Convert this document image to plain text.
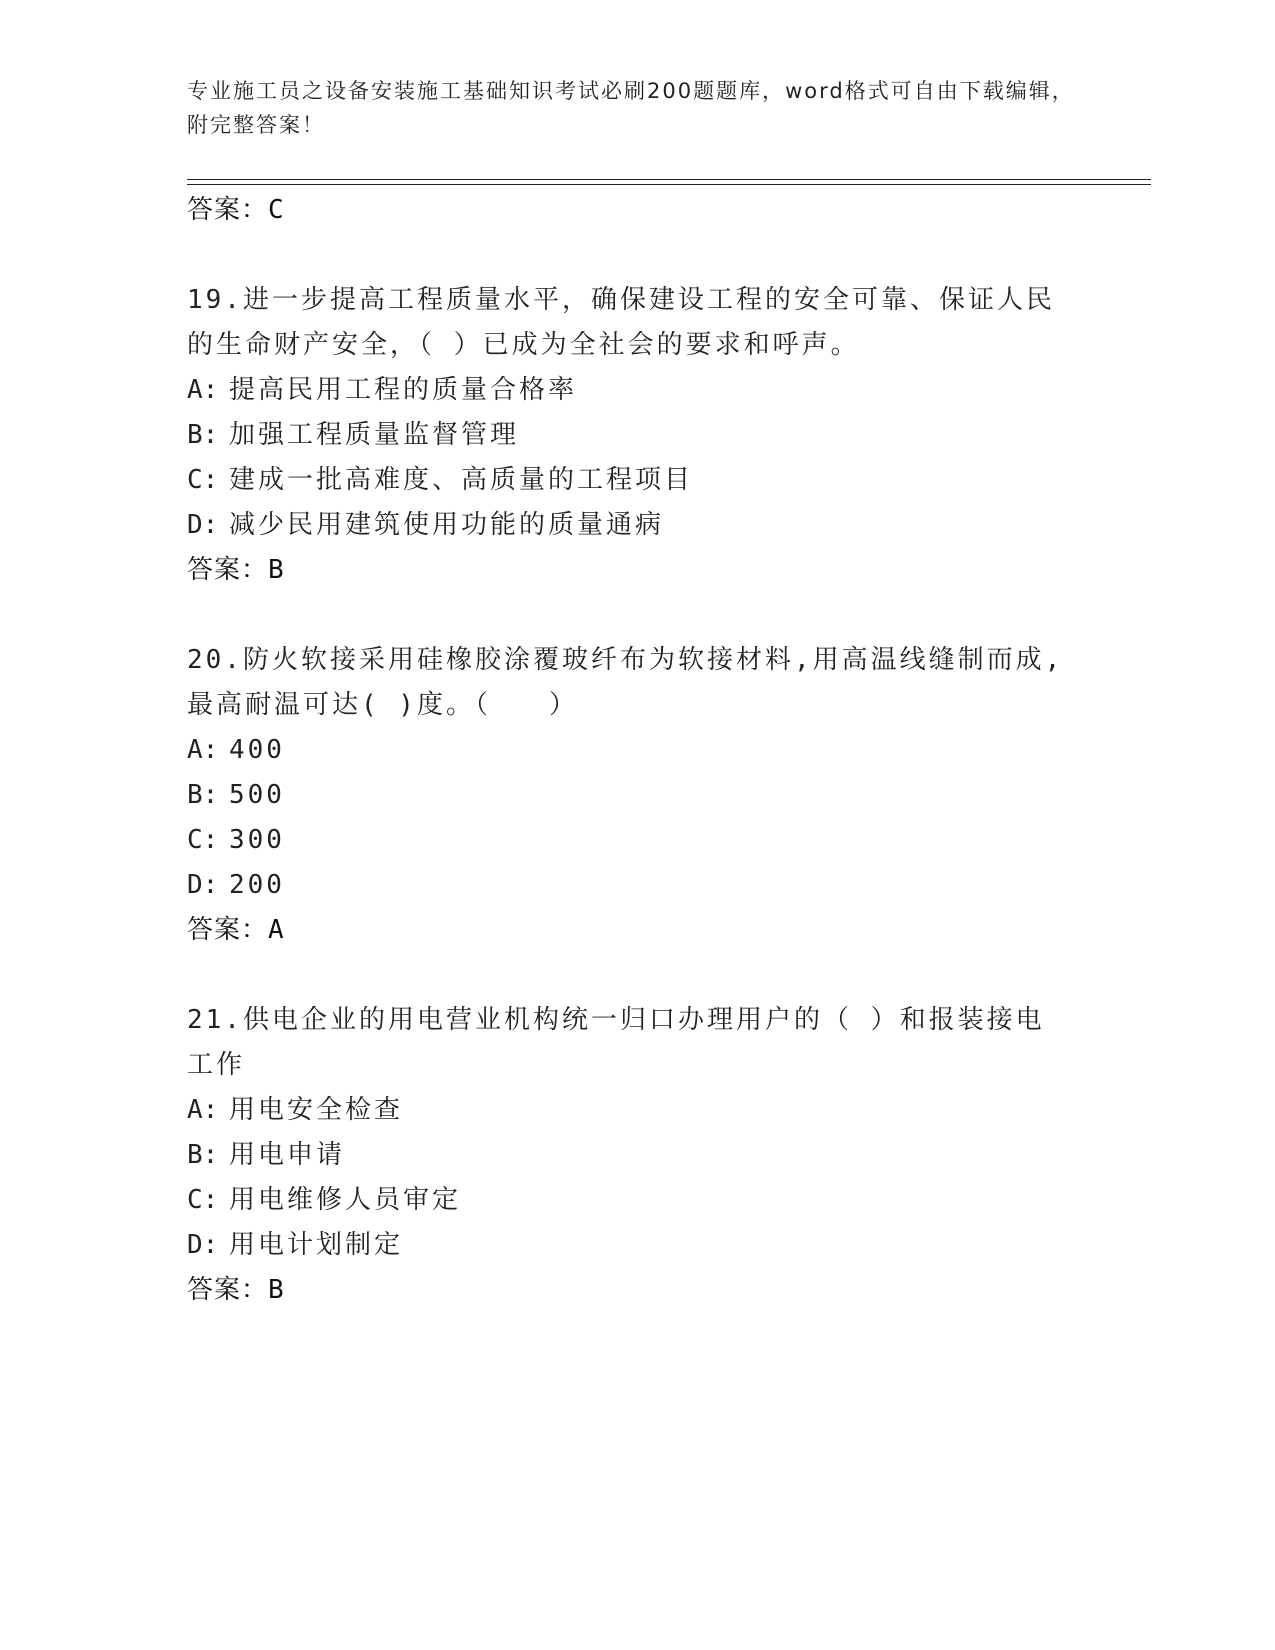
专业施工员之设备安装施工基础知识考试必刷200题题库，word格式可自由下载编辑，附完整答案！
答案：C
19.进一步提高工程质量水平，确保建设工程的安全可靠、保证人民的生命财产安全，（ ）已成为全社会的要求和呼声。
A: 提高民用工程的质量合格率
B: 加强工程质量监督管理
C: 建成一批高难度、高质量的工程项目
D: 减少民用建筑使用功能的质量通病
答案：B
20.防火软接采用硅橡胶涂覆玻纤布为软接材料,用高温线缝制而成,最高耐温可达( )度。（　　）
A: 400
B: 500
C: 300
D: 200
答案：A
21.供电企业的用电营业机构统一归口办理用户的（ ）和报装接电工作
A: 用电安全检查
B: 用电申请
C: 用电维修人员审定
D: 用电计划制定
答案：B
